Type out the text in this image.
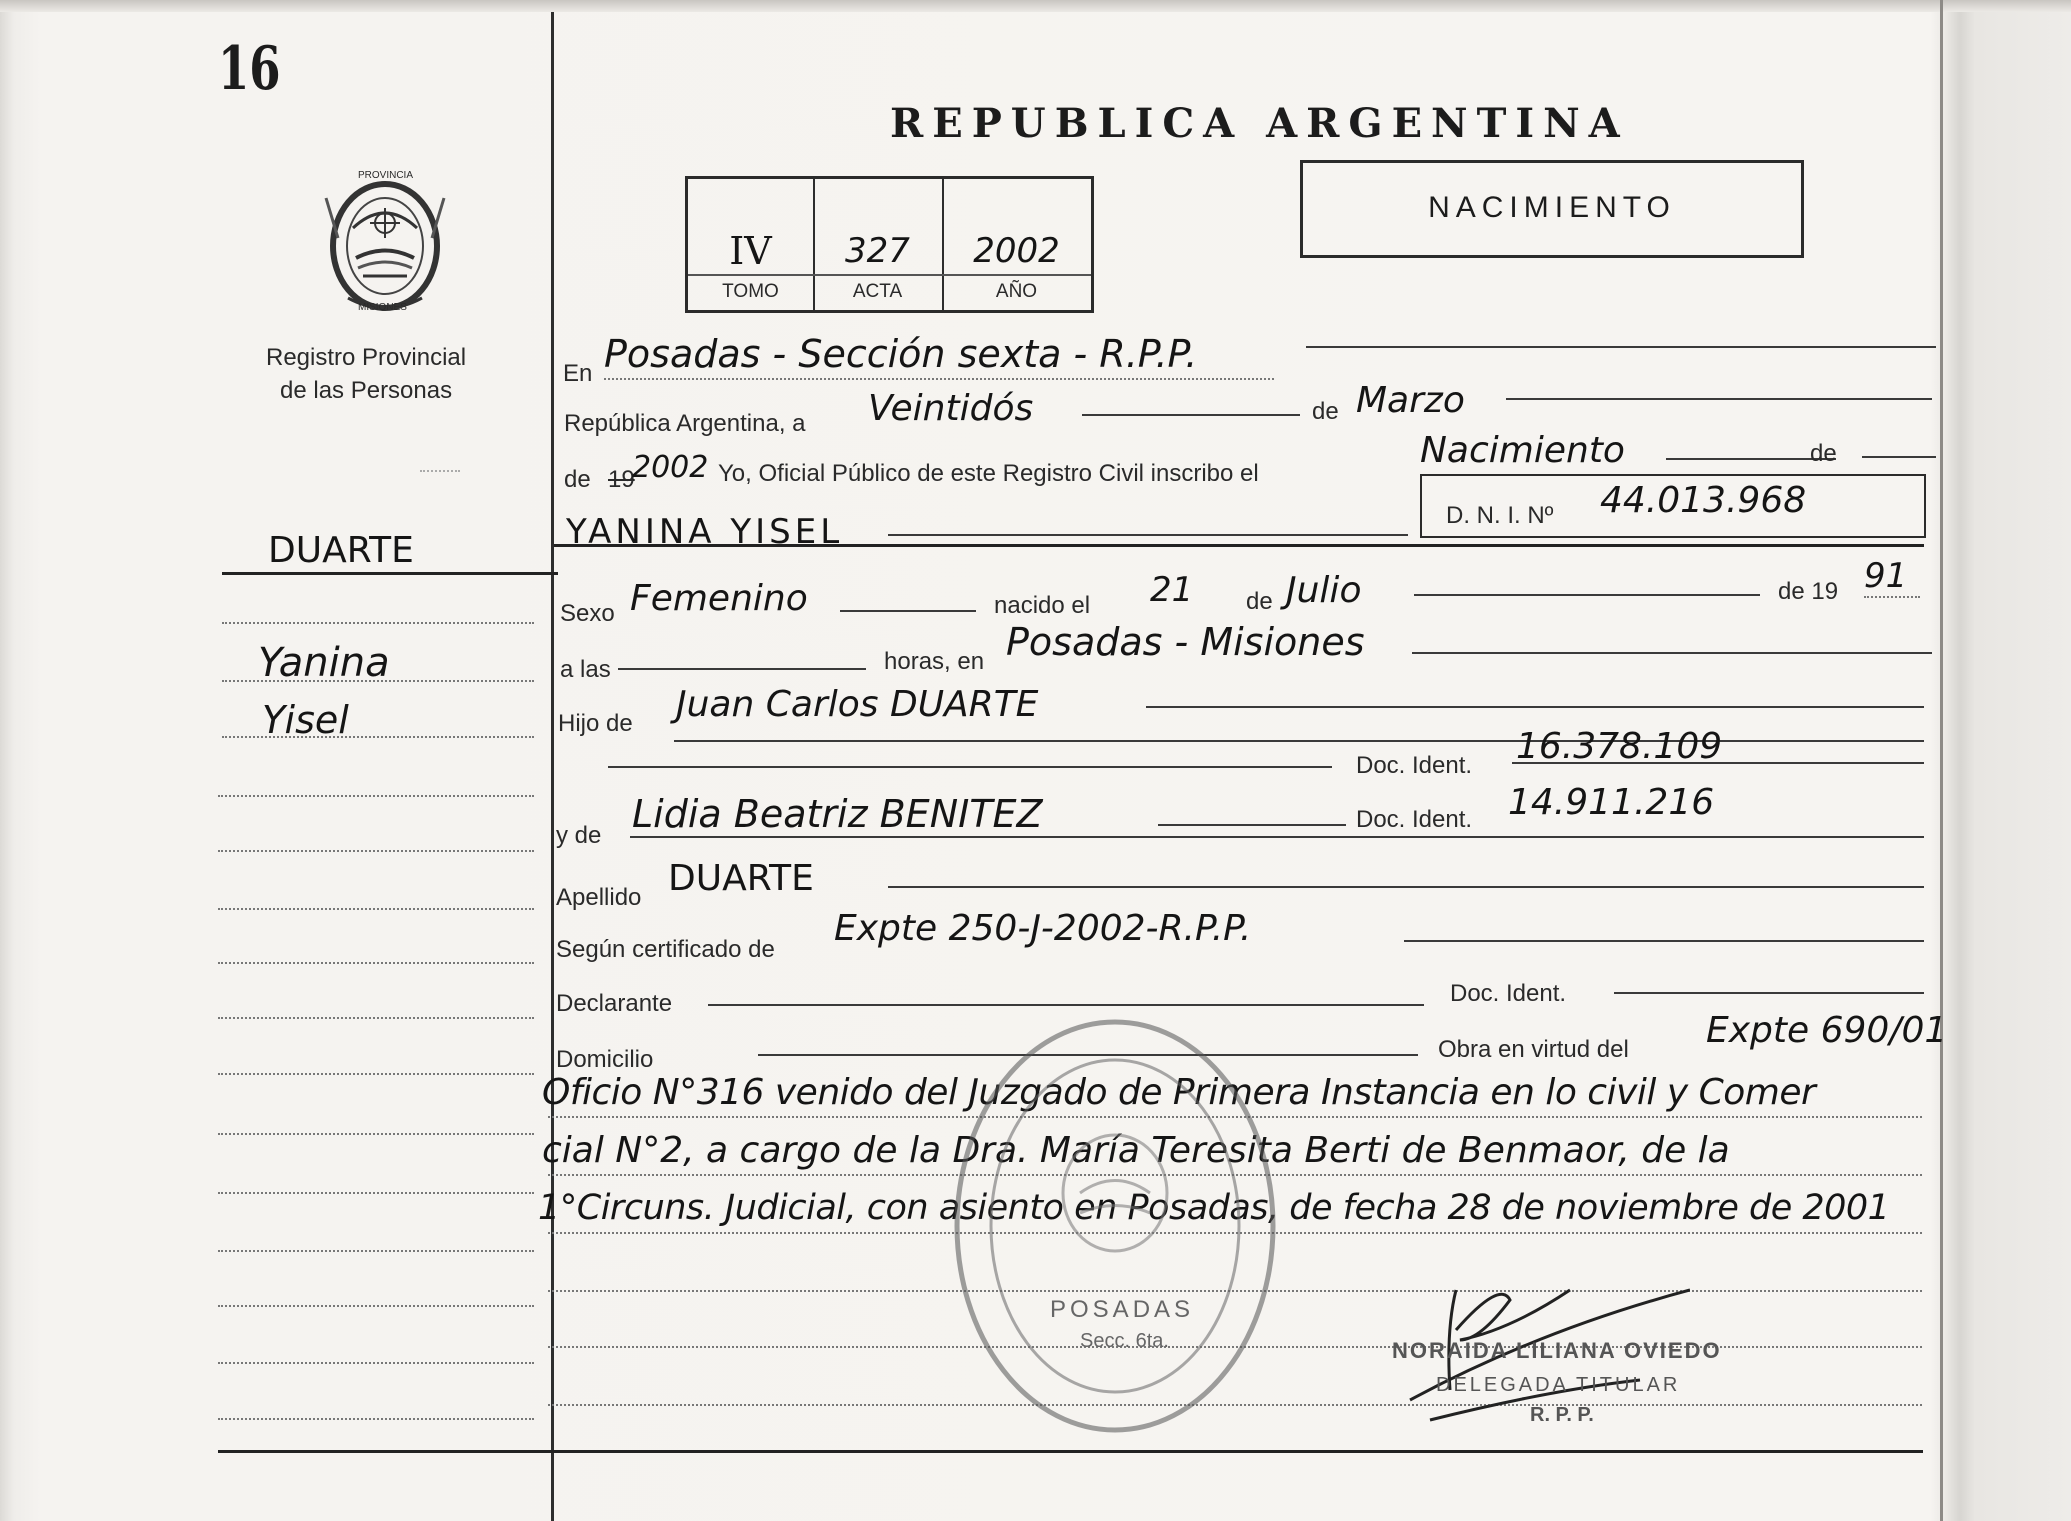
16
REPUBLICA ARGENTINA
NACIMIENTO
IV	327	2002
TOMO	ACTA	AÑO
PROVINCIA
MISIONES
Registro Provincial
de las Personas
DUARTE
Yanina
Yisel
En Posadas - Sección sexta - R.P.P.
República Argentina, a Veintidós	de Marzo
de 19
2002 Yo, Oficial Público de este Registro Civil inscribo el
Nacimiento	de
YANINA YISEL	D. N. I. Nº 44.013.968
Sexo Femenino	nacido el 21 de Julio	de 19 91
a las	horas, en Posadas - Misiones
Hijo de Juan Carlos DUARTE
Doc. Ident. 16.378.109
y de Lidia Beatriz BENITEZ	Doc. Ident. 14.911.216
Apellido DUARTE
Según certificado de
Expte 250-J-2002-R.P.P.
Declarante	Doc. Ident.
Domicilio	Obra en virtud del Expte 690/01
Oficio N°316 venido del Juzgado de Primera Instancia en lo civil y Comer
cial N°2, a cargo de la Dra. María Teresita Berti de Benmaor, de la
1°Circuns. Judicial, con asiento en Posadas, de fecha 28 de noviembre de 2001
POSADAS
Secc. 6ta.	NORAIDA LILIANA OVIEDO
DELEGADA TITULAR
R. P. P.
